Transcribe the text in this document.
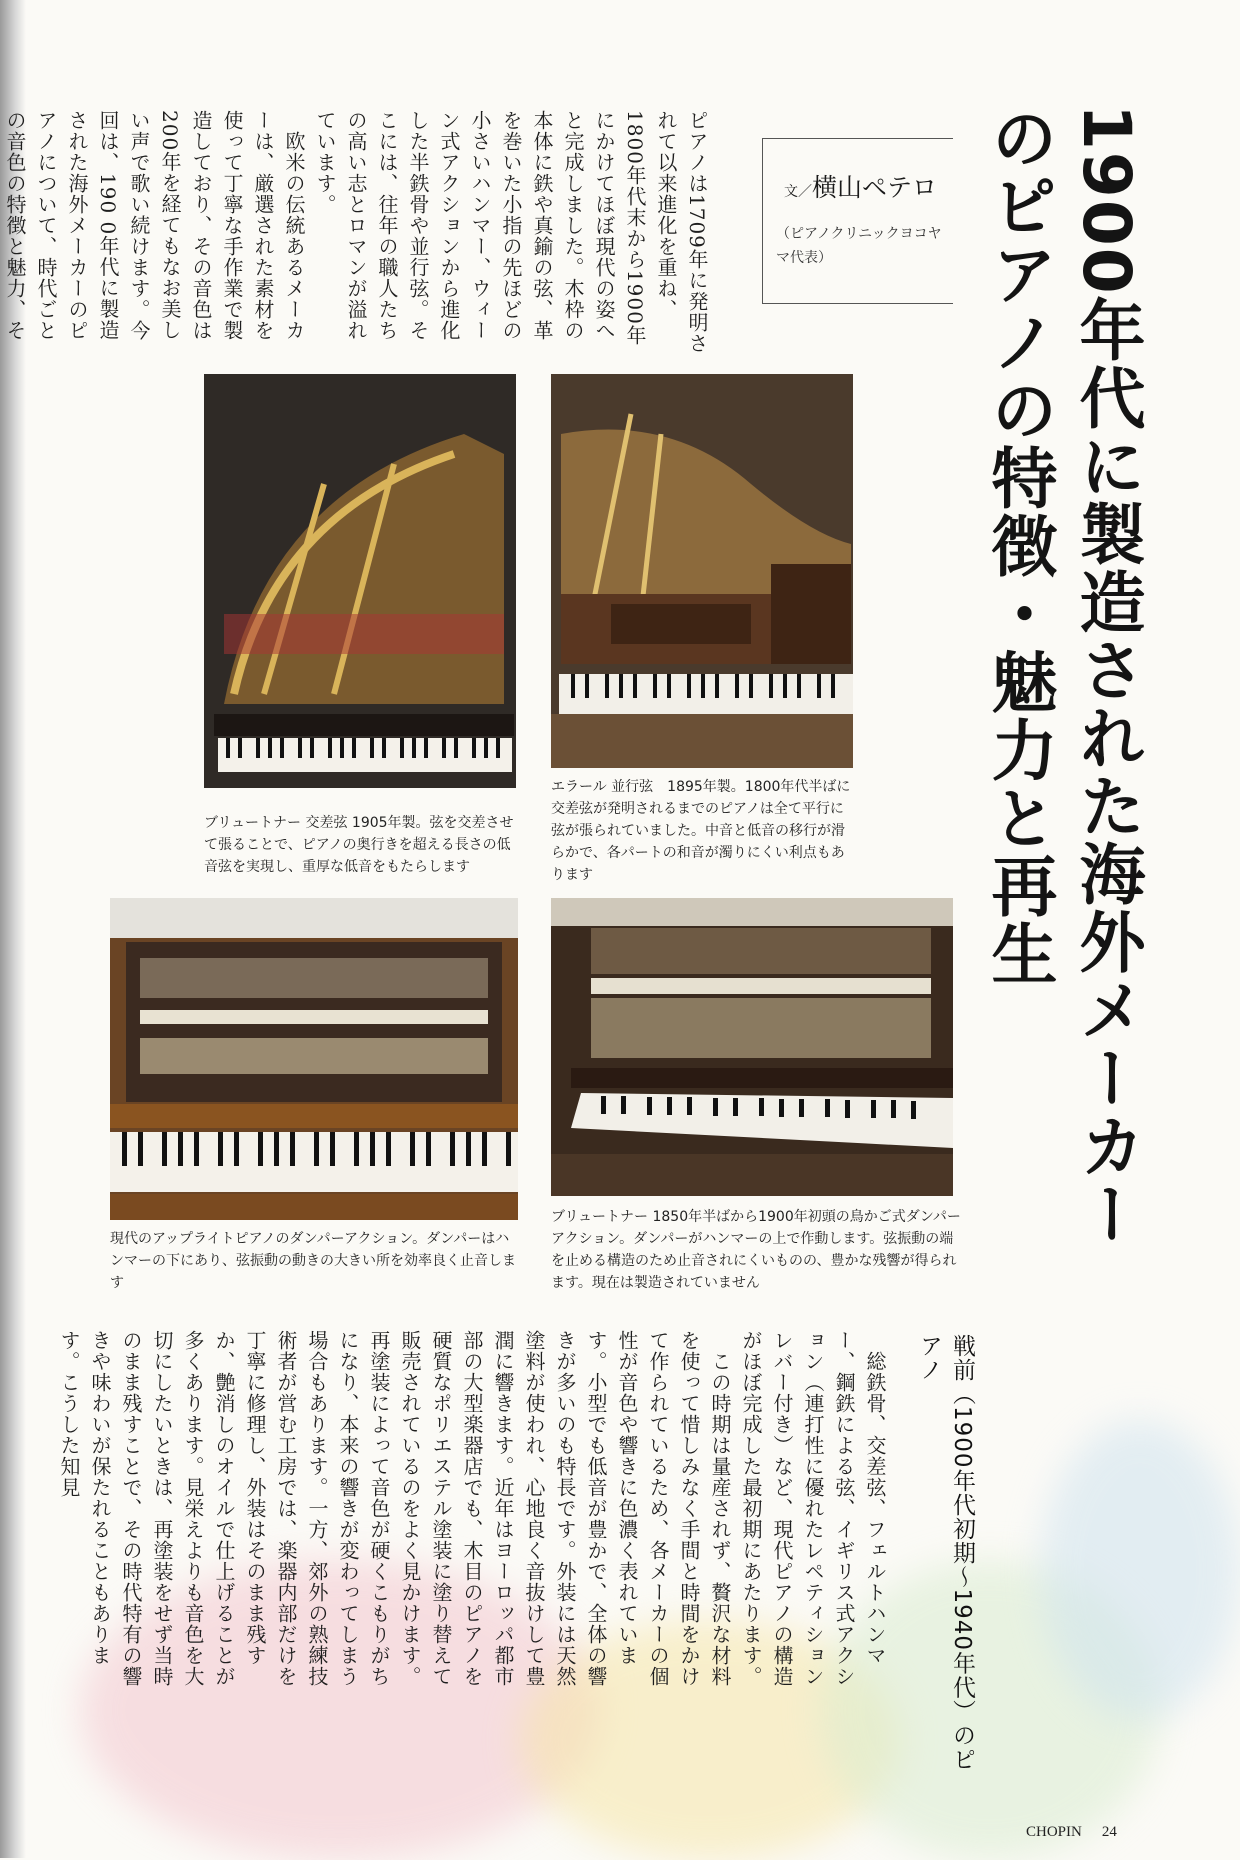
1900年代に製造された海外メーカーのピアノの特徴・魅力と再生
文／横山ペテロ
（ピアノクリニックヨコヤマ代表）
ピアノは1709年に発明されて以来進化を重ね、1800年代末から1900年にかけてほぼ現代の姿へと完成しました。木枠の本体に鉄や真鍮の弦、革を巻いた小指の先ほどの小さいハンマー、ウィーン式アクションから進化した半鉄骨や並行弦。そこには、往年の職人たちの高い志とロマンが溢れています。
　欧米の伝統あるメーカーは、厳選された素材を使って丁寧な手作業で製造しており、その音色は200年を経てもなお美しい声で歌い続けます。今回は、190 0年代に製造された海外メーカーのピアノについて、時代ごとの音色の特徴と魅力、そ
ブリュートナー 交差弦 1905年製。弦を交差させて張ることで、ピアノの奥行きを超える長さの低音弦を実現し、重厚な低音をもたらします
エラール 並行弦　1895年製。1800年代半ばに交差弦が発明されるまでのピアノは全て平行に弦が張られていました。中音と低音の移行が滑らかで、各パートの和音が濁りにくい利点もあります
現代のアップライトピアノのダンパーアクション。ダンパーはハンマーの下にあり、弦振動の動きの大きい所を効率良く止音します
ブリュートナー 1850年半ばから1900年初頭の鳥かご式ダンパーアクション。ダンパーがハンマーの上で作動します。弦振動の端を止める構造のため止音されにくいものの、豊かな残響が得られます。現在は製造されていません
戦前（1900年代初期～1940年代）のピアノ
　総鉄骨、交差弦、フェルトハンマー、鋼鉄による弦、イギリス式アクション（連打性に優れたレペティションレバー付き）など、現代ピアノの構造がほぼ完成した最初期にあたります。
　この時期は量産されず、贅沢な材料を使って惜しみなく手間と時間をかけて作られているため、各メーカーの個性が音色や響きに色濃く表れています。小型でも低音が豊かで、全体の響きが多いのも特長です。外装には天然塗料が使われ、心地良く音抜けして豊潤に響きます。近年はヨーロッパ都市部の大型楽器店でも、木目のピアノを硬質なポリエステル塗装に塗り替えて販売されているのをよく見かけます。再塗装によって音色が硬くこもりがちになり、本来の響きが変わってしまう場合もあります。一方、郊外の熟練技術者が営む工房では、楽器内部だけを丁寧に修理し、外装はそのまま残すか、艶消しのオイルで仕上げることが多くあります。見栄えよりも音色を大切にしたいときは、再塗装をせず当時のまま残すことで、その時代特有の響きや味わいが保たれることもあります。こうした知見
CHOPIN 24
